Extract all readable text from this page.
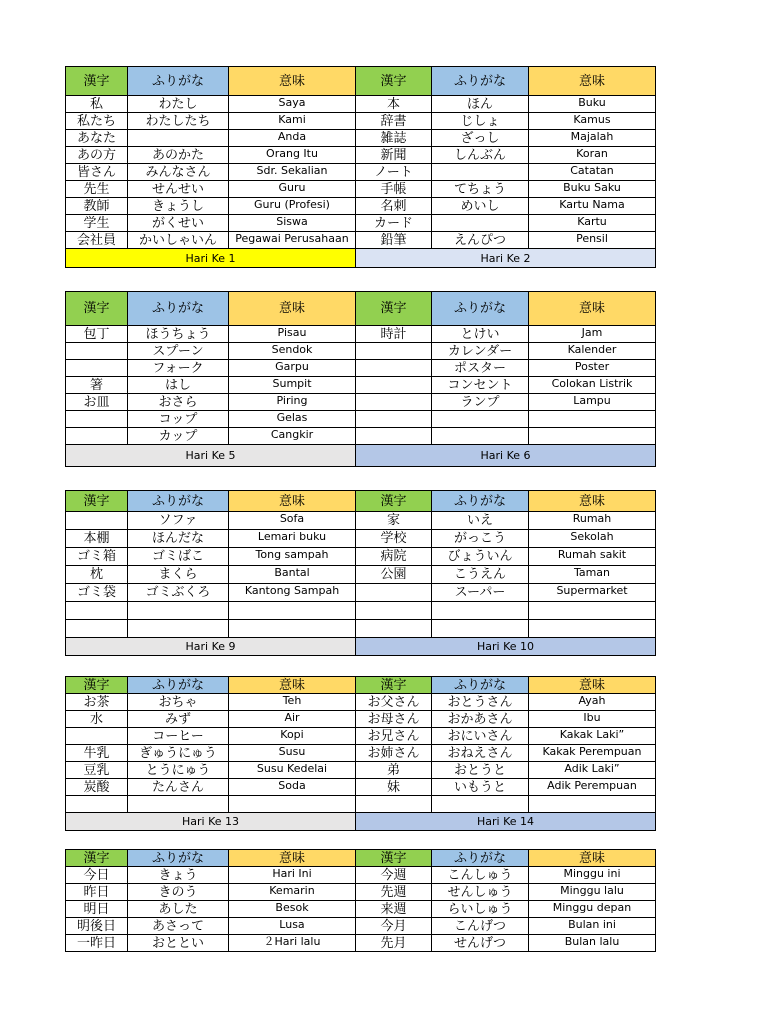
漢字	ふりがな	意味	漢字	ふりがな	意味
私	わたし	Saya	本	ほん	Buku
私たち	わたしたち	Kami	辞書	じしょ	Kamus
あなた		Anda	雑誌	ざっし	Majalah
あの方	あのかた	Orang Itu	新聞	しんぶん	Koran
皆さん	みんなさん	Sdr. Sekalian	ノート		Catatan
先生	せんせい	Guru	手帳	てちょう	Buku Saku
教師	きょうし	Guru (Profesi)	名刺	めいし	Kartu Nama
学生	がくせい	Siswa	カード		Kartu
会社員	かいしゃいん	Pegawai Perusahaan	鉛筆	えんぴつ	Pensil
Hari Ke 1			Hari Ke 2		
漢字	ふりがな	意味	漢字	ふりがな	意味
包丁	ほうちょう	Pisau	時計	とけい	Jam
	スプーン	Sendok		カレンダー	Kalender
	フォーク	Garpu		ポスター	Poster
箸	はし	Sumpit		コンセント	Colokan Listrik
お皿	おさら	Piring		ランプ	Lampu
	コップ	Gelas			
	カップ	Cangkir			
Hari Ke 5			Hari Ke 6		
漢字	ふりがな	意味	漢字	ふりがな	意味
	ソファ	Sofa	家	いえ	Rumah
本棚	ほんだな	Lemari buku	学校	がっこう	Sekolah
ゴミ箱	ゴミばこ	Tong sampah	病院	びょういん	Rumah sakit
枕	まくら	Bantal	公園	こうえん	Taman
ゴミ袋	ゴミぶくろ	Kantong Sampah		スーパー	Supermarket

Hari Ke 9			Hari Ke 10		
漢字	ふりがな	意味	漢字	ふりがな	意味
お茶	おちゃ	Teh	お父さん	おとうさん	Ayah
水	みず	Air	お母さん	おかあさん	Ibu
	コーヒー	Kopi	お兄さん	おにいさん	Kakak Laki”
牛乳	ぎゅうにゅう	Susu	お姉さん	おねえさん	Kakak Perempuan
豆乳	とうにゅう	Susu Kedelai	弟	おとうと	Adik Laki”
炭酸	たんさん	Soda	妹	いもうと	Adik Perempuan

Hari Ke 13			Hari Ke 14		
漢字	ふりがな	意味	漢字	ふりがな	意味
今日	きょう	Hari Ini	今週	こんしゅう	Minggu ini
昨日	きのう	Kemarin	先週	せんしゅう	Minggu lalu
明日	あした	Besok	来週	らいしゅう	Minggu depan
明後日	あさって	Lusa	今月	こんげつ	Bulan ini
一昨日	おととい	２Hari lalu	先月	せんげつ	Bulan lalu
